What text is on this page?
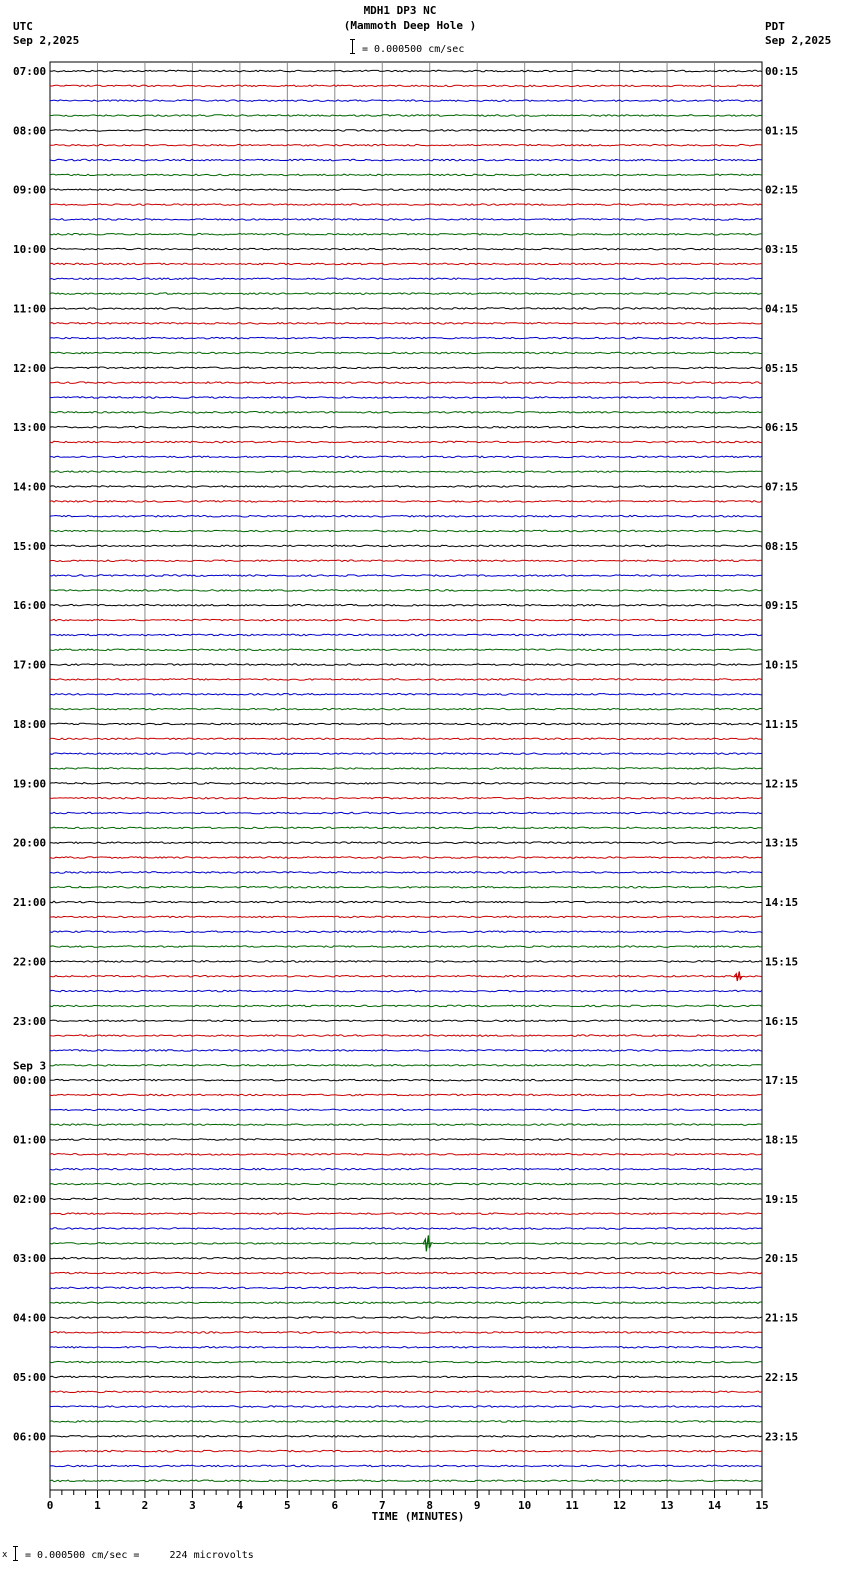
MDH1 DP3 NC
(Mammoth Deep Hole )
= 0.000500 cm/sec
UTC
Sep 2,2025
PDT
Sep 2,2025
07:00
08:00
09:00
10:00
11:00
12:00
13:00
14:00
15:00
16:00
17:00
18:00
19:00
20:00
21:00
22:00
23:00
00:00
01:00
02:00
03:00
04:00
05:00
06:00
Sep 3
00:15
01:15
02:15
03:15
04:15
05:15
06:15
07:15
08:15
09:15
10:15
11:15
12:15
13:15
14:15
15:15
16:15
17:15
18:15
19:15
20:15
21:15
22:15
23:15
0	1	2	3	4	5	6	7	8	9	10	11	12	13	14	15
TIME (MINUTES)
x = 0.000500 cm/sec =     224 microvolts
